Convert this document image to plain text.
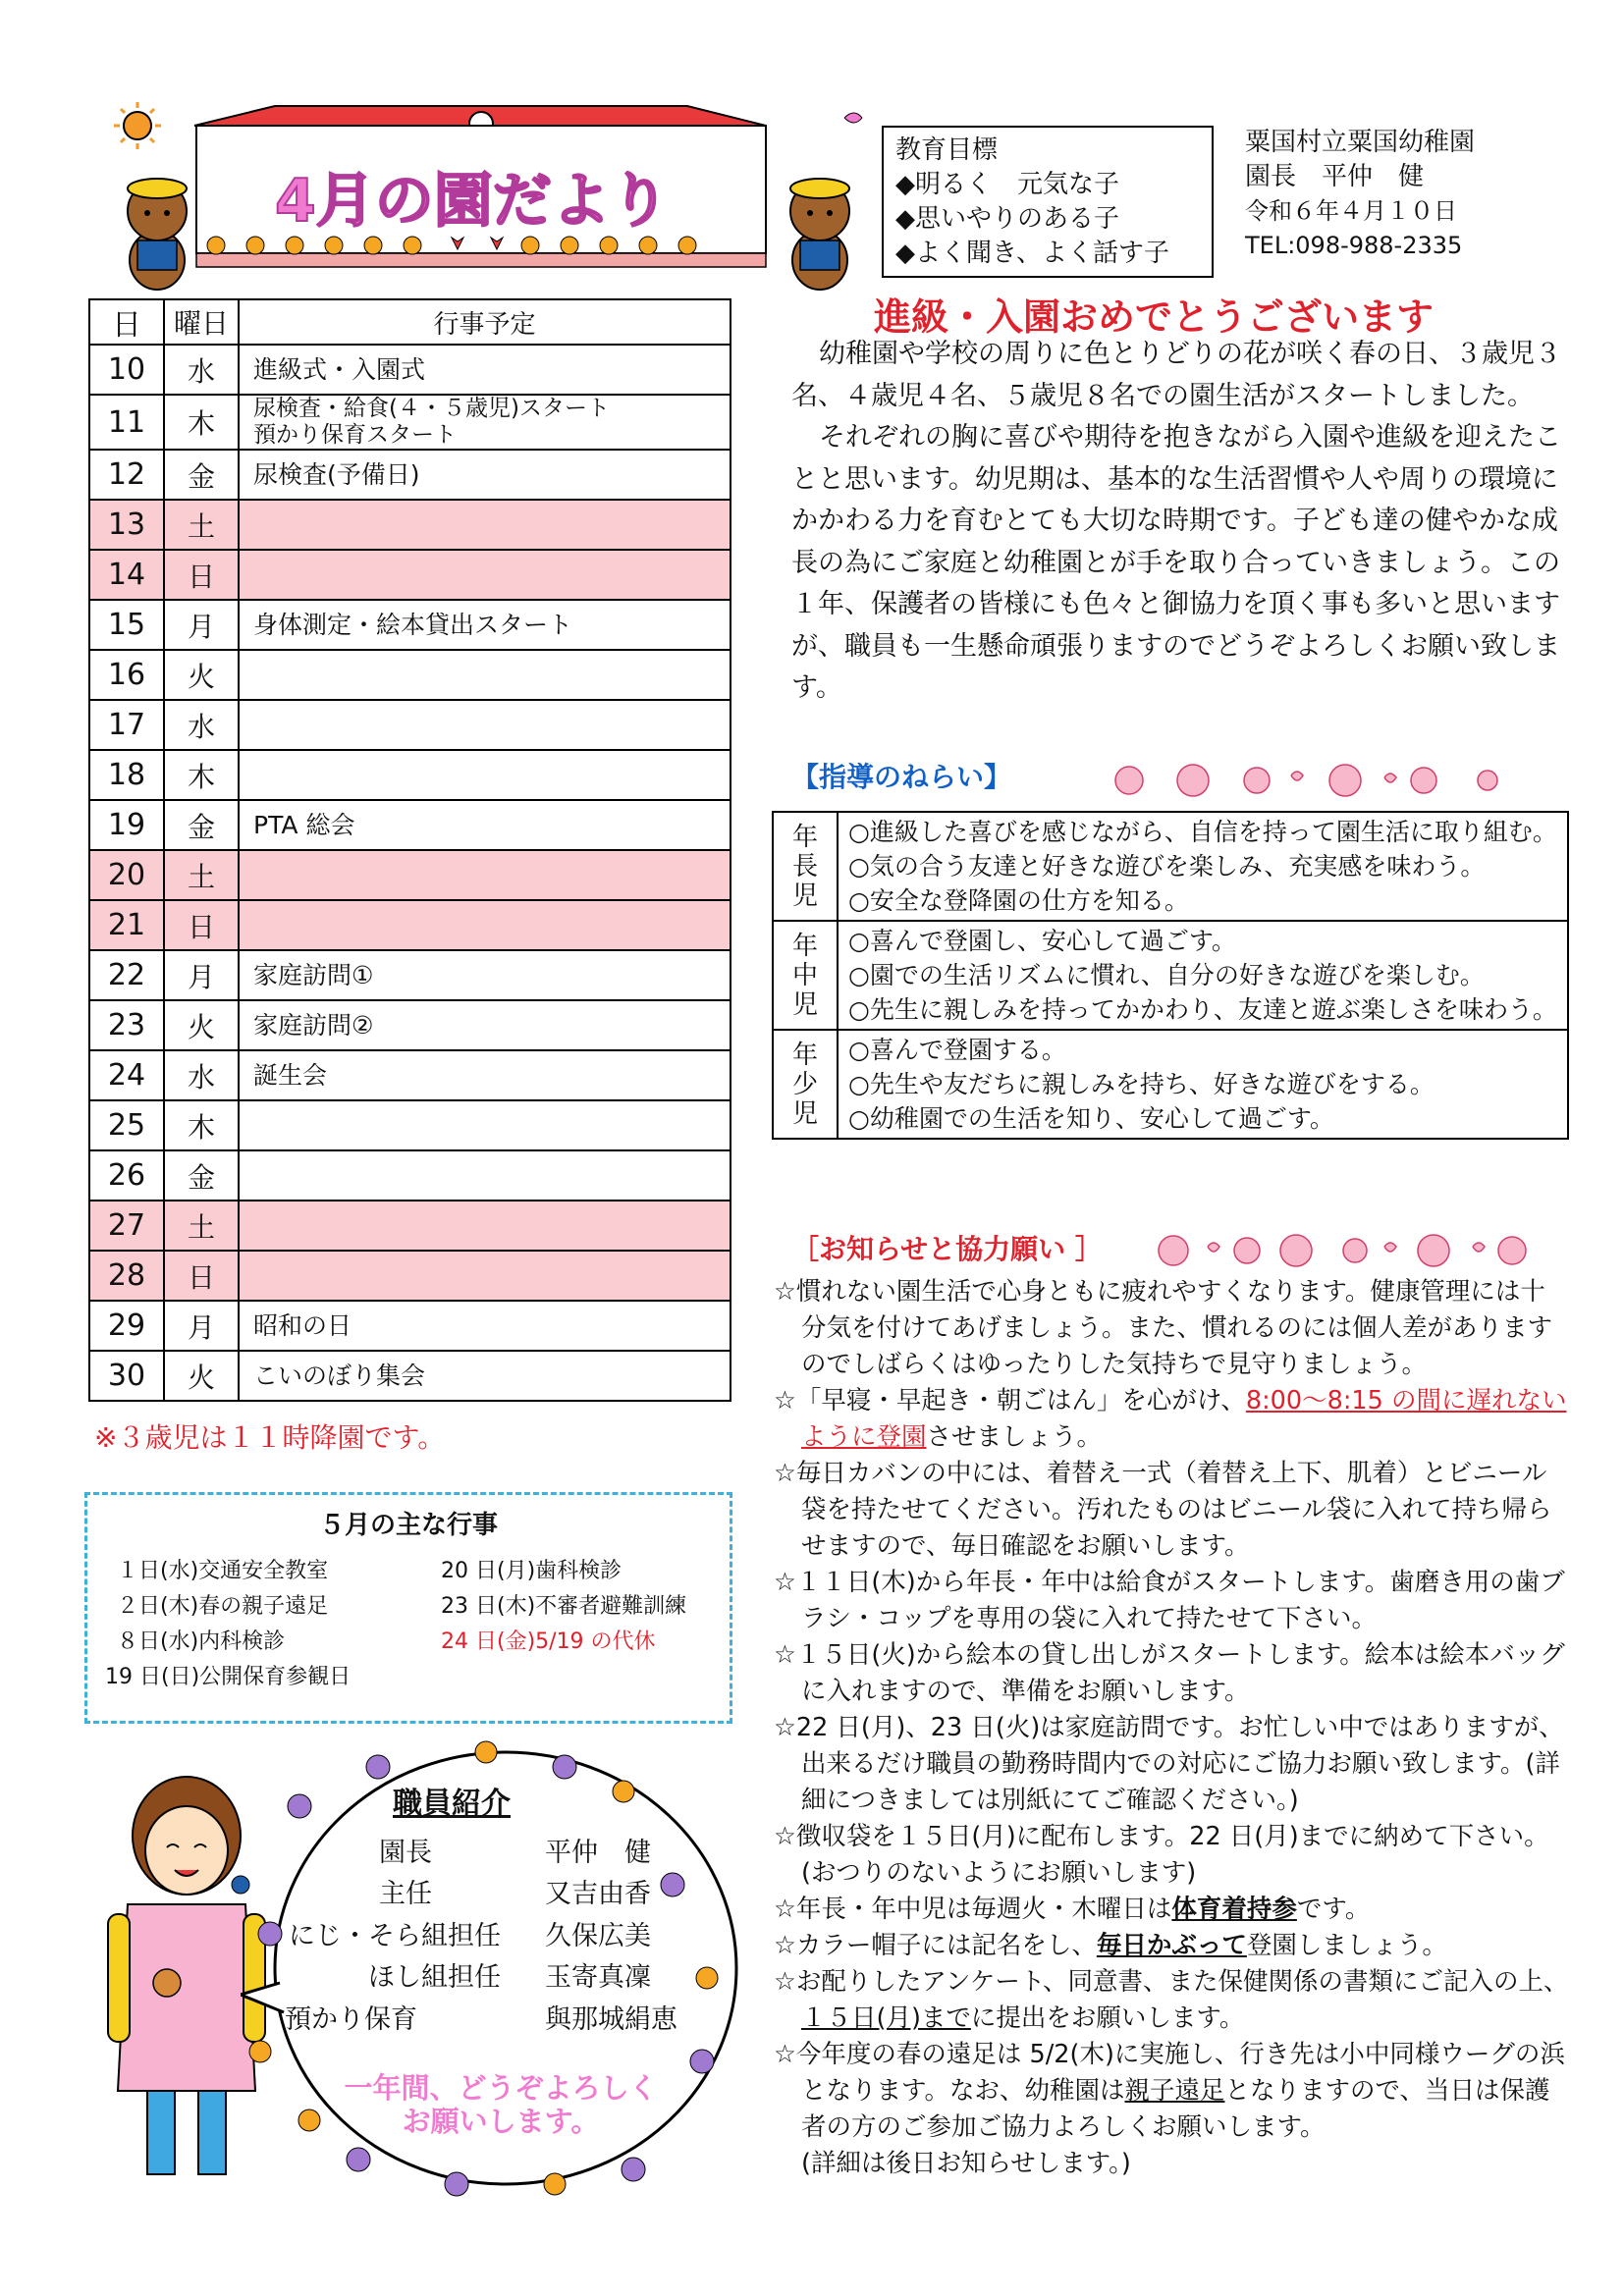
4月の園だより
教育目標
◆明るく　元気な子
◆思いやりのある子
◆よく聞き、よく話す子
粟国村立粟国幼稚園
園長　平仲　健
令和６年４月１０日
TEL:098-988-2335
日	曜日	行事予定
10	水	進級式・入園式

11	木	尿検査・給食(４・５歳児)スタート
預かり保育スタート

12	金	尿検査(予備日)

13	土	

14	日	

15	月	身体測定・絵本貸出スタート

16	火	

17	水	

18	木	

19	金	PTA 総会

20	土	

21	日	

22	月	家庭訪問①

23	火	家庭訪問②

24	水	誕生会

25	木	

26	金	

27	土	

28	日	

29	月	昭和の日

30	火	こいのぼり集会
※３歳児は１１時降園です。
５月の主な行事
１日(水)交通安全教室
２日(木)春の親子遠足
８日(水)内科検診
19 日(日)公開保育参観日
20 日(月)歯科検診
23 日(木)不審者避難訓練
24 日(金)5/19 の代休
職員紹介
園長	平仲　健
主任	又吉由香
にじ・そら組担任 久保広美
ほし組担任 玉寄真凜
預かり保育	與那城絹恵
一年間、どうぞよろしく
お願いします。
進級・入園おめでとうございます

幼稚園や学校の周りに色とりどりの花が咲く春の日、３歳児３名、４歳児４名、５歳児８名での園生活がスタートしました。

それぞれの胸に喜びや期待を抱きながら入園や進級を迎えたことと思います。幼児期は、基本的な生活習慣や人や周りの環境にかかわる力を育むとても大切な時期です。子ども達の健やかな成長の為にご家庭と幼稚園とが手を取り合っていきましょう。この１年、保護者の皆様にも色々と御協力を頂く事も多いと思いますが、職員も一生懸命頑張りますのでどうぞよろしくお願い致します。

【指導のねらい】
年長児	○進級した喜びを感じながら、自信を持って園生活に取り組む。
○気の合う友達と好きな遊びを楽しみ、充実感を味わう。
○安全な登降園の仕方を知る。

年中児	○喜んで登園し、安心して過ごす。
○園での生活リズムに慣れ、自分の好きな遊びを楽しむ。
○先生に親しみを持ってかかわり、友達と遊ぶ楽しさを味わう。

年少児	○喜んで登園する。
○先生や友だちに親しみを持ち、好きな遊びをする。
○幼稚園での生活を知り、安心して過ごす。
［お知らせと協力願い ］
☆慣れない園生活で心身ともに疲れやすくなります。健康管理には十分気を付けてあげましょう。また、慣れるのには個人差がありますのでしばらくはゆったりした気持ちで見守りましょう。
☆「早寝・早起き・朝ごはん」を心がけ、8:00〜8:15 の間に遅れないように登園させましょう。
☆毎日カバンの中には、着替え一式（着替え上下、肌着）とビニール袋を持たせてください。汚れたものはビニール袋に入れて持ち帰らせますので、毎日確認をお願いします。
☆１１日(木)から年長・年中は給食がスタートします。歯磨き用の歯ブラシ・コップを専用の袋に入れて持たせて下さい。
☆１５日(火)から絵本の貸し出しがスタートします。絵本は絵本バッグに入れますので、準備をお願いします。
☆22 日(月)、23 日(火)は家庭訪問です。お忙しい中ではありますが、出来るだけ職員の勤務時間内での対応にご協力お願い致します。(詳細につきましては別紙にてご確認ください。)
☆徴収袋を１５日(月)に配布します。22 日(月)までに納めて下さい。(おつりのないようにお願いします)
☆年長・年中児は毎週火・木曜日は体育着持参です。
☆カラー帽子には記名をし、毎日かぶって登園しましょう。
☆お配りしたアンケート、同意書、また保健関係の書類にご記入の上、１５日(月)までに提出をお願いします。
☆今年度の春の遠足は 5/2(木)に実施し、行き先は小中同様ウーグの浜となります。なお、幼稚園は親子遠足となりますので、当日は保護者の方のご参加ご協力よろしくお願いします。
(詳細は後日お知らせします。)
